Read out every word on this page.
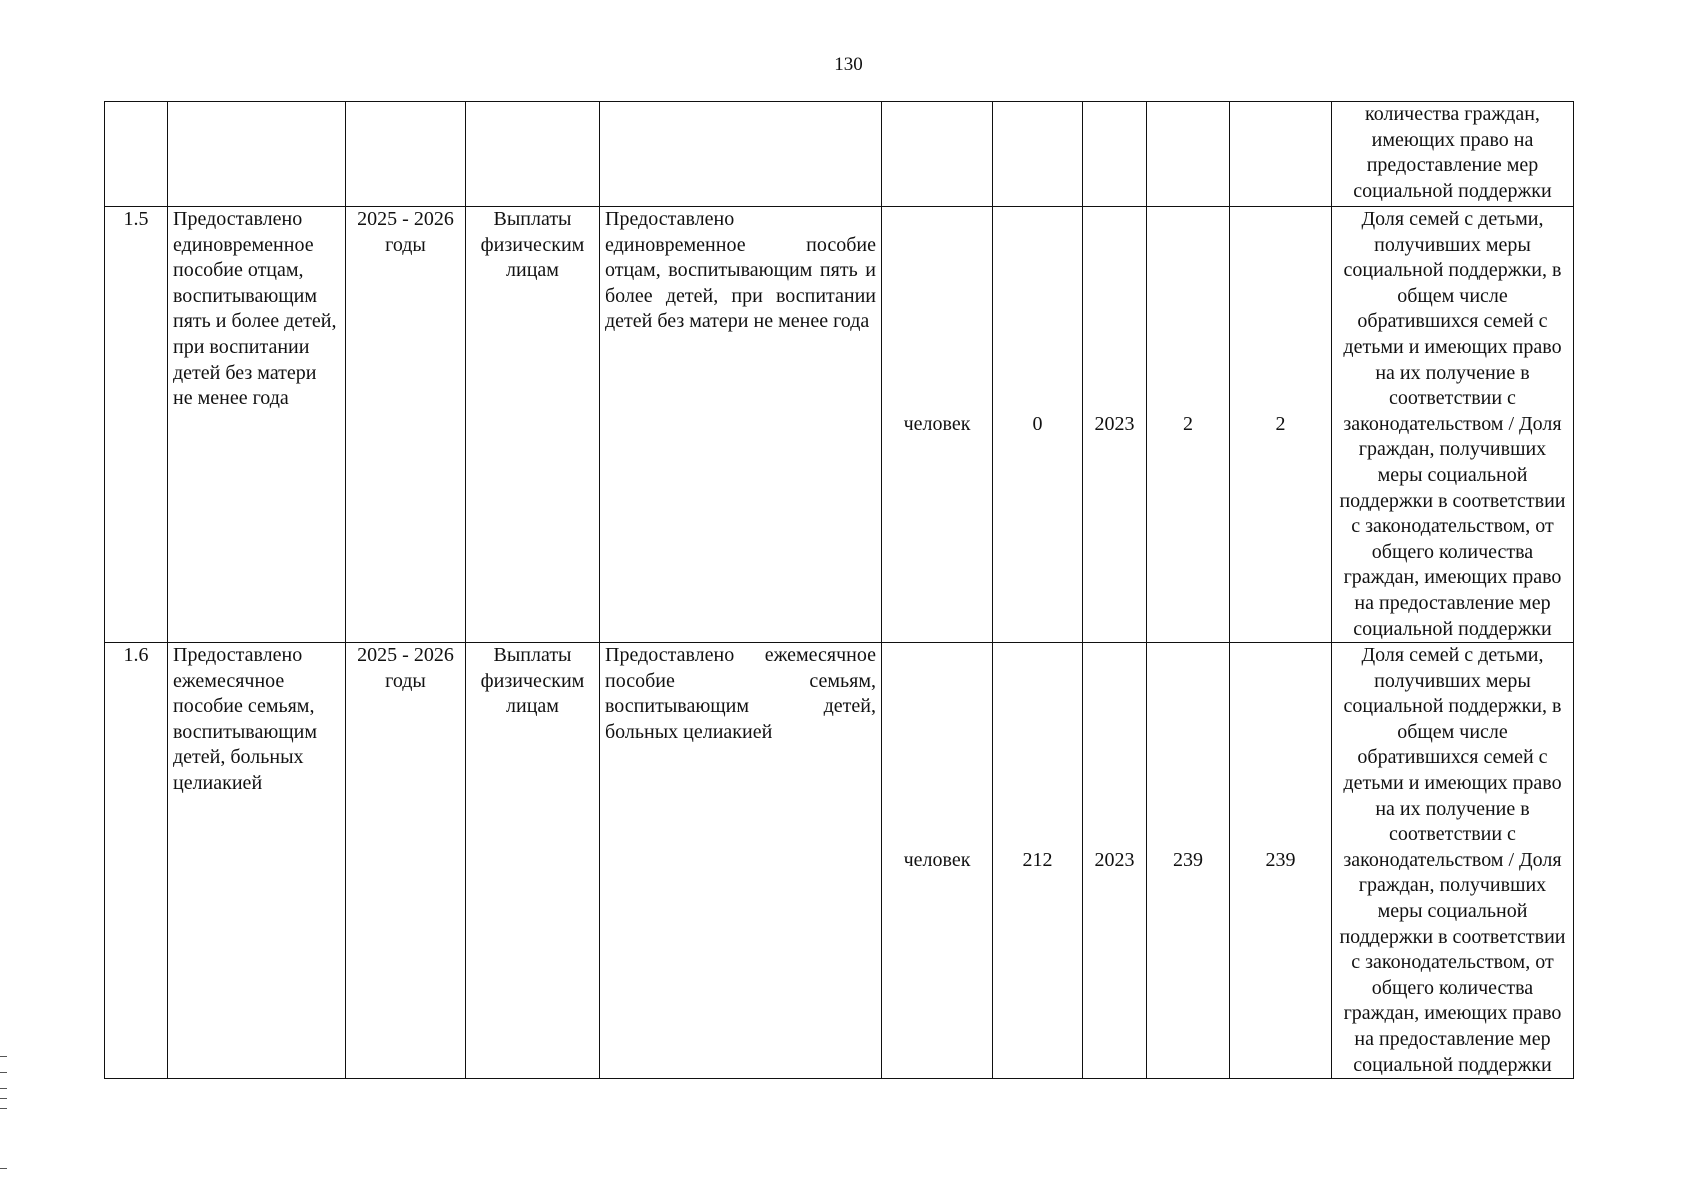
130
										количества граждан, имеющих право на предоставление мер социальной поддержки
1.5	Предоставлено единовременное пособие отцам, воспитывающим пять и более детей, при воспитании детей без матери не менее года	2025 - 2026 годы	Выплаты физическим лицам	Предоставлено единовременное пособие отцам, воспитывающим пять и более детей, при воспитании детей без матери не менее года	человек	0	2023	2	2	Доля семей с детьми, получивших меры социальной поддержки, в общем числе обратившихся семей с детьми и имеющих право на их получение в соответствии с законодательством / Доля граждан, получивших меры социальной поддержки в соответствии с законодательством, от общего количества граждан, имеющих право на предоставление мер социальной поддержки
1.6	Предоставлено ежемесячное пособие семьям, воспитывающим детей, больных целиакией	2025 - 2026 годы	Выплаты физическим лицам	Предоставлено ежемесячное пособие семьям, воспитывающим детей, больных целиакией	человек	212	2023	239	239	Доля семей с детьми, получивших меры социальной поддержки, в общем числе обратившихся семей с детьми и имеющих право на их получение в соответствии с законодательством / Доля граждан, получивших меры социальной поддержки в соответствии с законодательством, от общего количества граждан, имеющих право на предоставление мер социальной поддержки
